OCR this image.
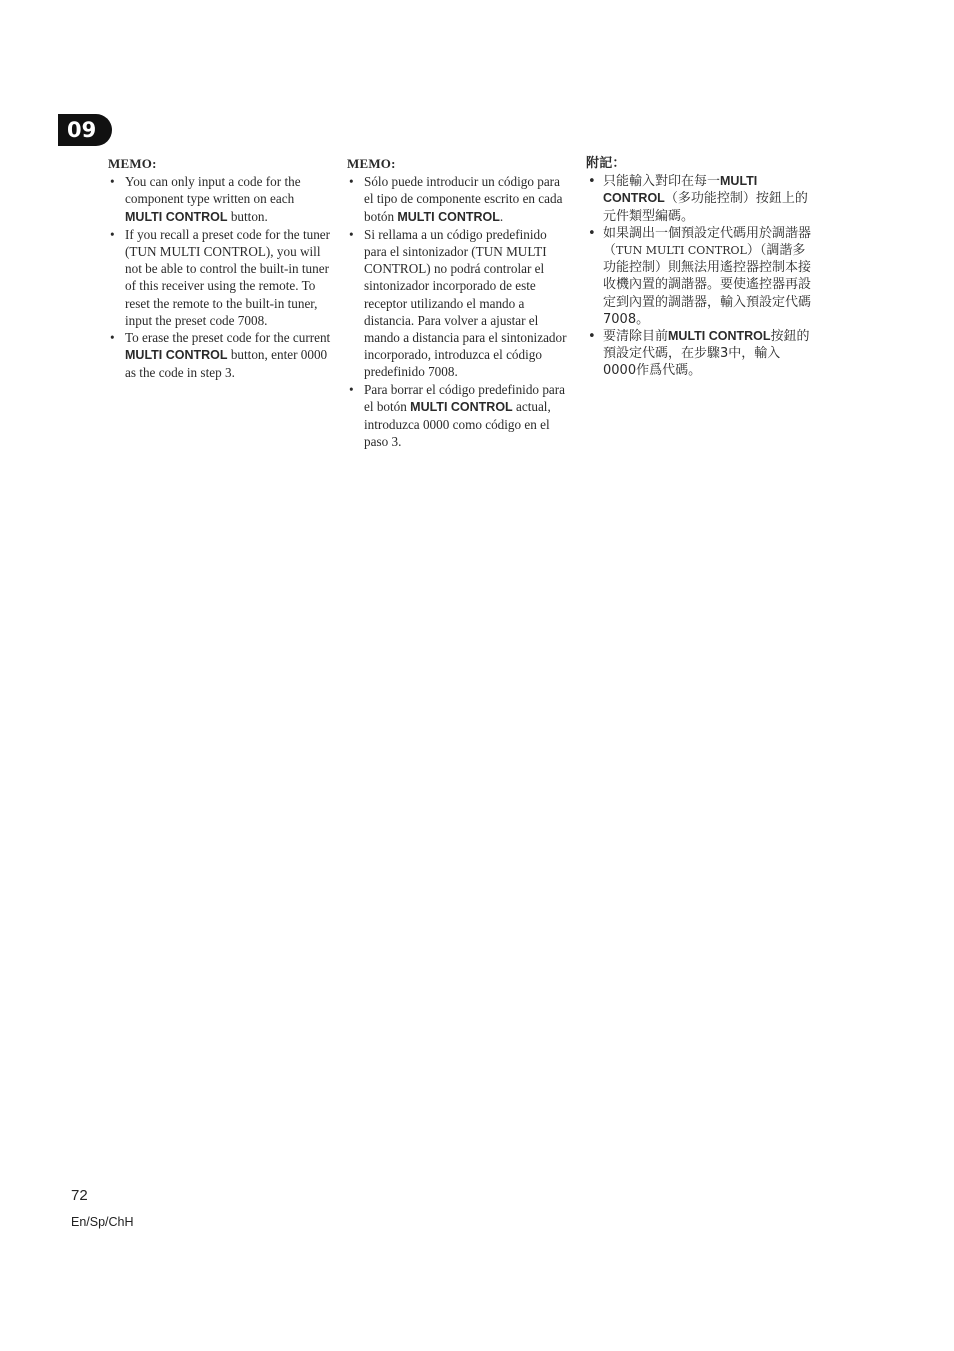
09
MEMO:
• You can only input a code for the component type written on each MULTI CONTROL button.
• If you recall a preset code for the tuner (TUN MULTI CONTROL), you will not be able to control the built-in tuner of this receiver using the remote. To reset the remote to the built-in tuner, input the preset code 7008.
• To erase the preset code for the current MULTI CONTROL button, enter 0000 as the code in step 3.
MEMO:
• Sólo puede introducir un código para el tipo de componente escrito en cada botón MULTI CONTROL.
• Si rellama a un código predefinido para el sintonizador (TUN MULTI CONTROL) no podrá controlar el sintonizador incorporado de este receptor utilizando el mando a distancia. Para volver a ajustar el mando a distancia para el sintonizador incorporado, introduzca el código predefinido 7008.
• Para borrar el código predefinido para el botón MULTI CONTROL actual, introduzca 0000 como código en el paso 3.
附記：
• 只能輸入對印在每一MULTI CONTROL（多功能控制）按鈕上的元件類型編碼。
• 如果調出一個預設定代碼用於調諧器（TUN MULTI CONTROL）（調諧多功能控制）則無法用遙控器控制本接收機內置的調諧器。要使遙控器再設定到內置的調諧器，輸入預設定代碼7008。
• 要清除目前MULTI CONTROL按鈕的預設定代碼，在步驟3中，輸入0000作爲代碼。
72
En/Sp/ChH
